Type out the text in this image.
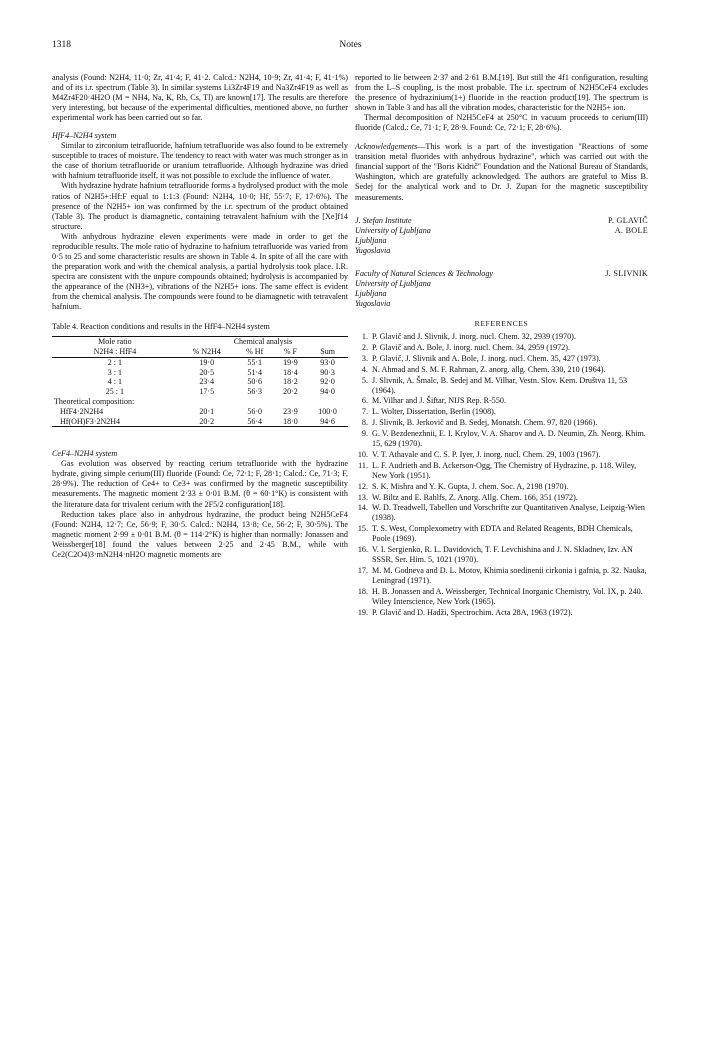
1318	Notes

analysis (Found: N2H4, 11·0; Zr, 41·4; F, 41·2. Calcd.: N2H4, 10·9; Zr, 41·4; F, 41·1%) and of its i.r. spectrum (Table 3). In similar systems Li3Zr4F19 and Na3Zr4F19 as well as M4Zr4F20·4H2O (M = NH4, Na, K, Rb, Cs, Tl) are known[17]. The results are therefore very interesting, but because of the experimental difficulties, mentioned above, no further experimental work has been carried out so far.

HfF4–N2H4 system

Similar to zirconium tetrafluoride, hafnium tetrafluoride was also found to be extremely susceptible to traces of moisture. The tendency to react with water was much stronger as in the case of thorium tetrafluoride or uranium tetrafluoride. Although hydrazine was dried with hafnium tetrafluoride itself, it was not possible to exclude the influence of water.

With hydrazine hydrate hafnium tetrafluoride forms a hydrolysed product with the mole ratios of N2H5+:Hf:F equal to 1:1:3 (Found: N2H4, 10·0; Hf, 55·7; F, 17·6%). The presence of the N2H5+ ion was confirmed by the i.r. spectrum of the product obtained (Table 3). The product is diamagnetic, containing tetravalent hafnium with the [Xe]f14 structure.

With anhydrous hydrazine eleven experiments were made in order to get the reproducible results. The mole ratio of hydrazine to hafnium tetrafluoride was varied from 0·5 to 25 and some characteristic results are shown in Table 4. In spite of all the care with the preparation work and with the chemical analysis, a partial hydrolysis took place. I.R. spectra are consistent with the unpure compounds obtained; hydrolysis is accompanied by the appearance of the (NH3+), vibrations of the N2H5+ ions. The same effect is evident from the chemical analysis. The compounds were found to be diamagnetic with tetravalent hafnium.

Table 4. Reaction conditions and results in the HfF4–N2H4 system

Mole ratio	Chemical analysis			
N2H4 : HfF4	% N2H4	% Hf	% F	Sum
2 : 1	19·0	55·1	19·9	93·0
3 : 1	20·5	51·4	18·4	90·3
4 : 1	23·4	50·6	18·2	92·0
25 : 1	17·5	56·3	20·2	94·0
Theoretical composition:				
HfF4·2N2H4	20·1	56·0	23·9	100·0
Hf(OH)F3·2N2H4	20·2	56·4	18·0	94·6

CeF4–N2H4 system

Gas evolution was observed by reacting cerium tetrafluoride with the hydrazine hydrate, giving simple cerium(III) fluoride (Found: Ce, 72·1; F, 28·1; Calcd.: Ce, 71·3; F, 28·9%). The reduction of Ce4+ to Ce3+ was confirmed by the magnetic susceptibility measurements. The magnetic moment 2·33 ± 0·01 B.M. (θ = 60·1°K) is consistent with the literature data for trivalent cerium with the 2F5/2 configuration[18].

Reduction takes place also in anhydrous hydrazine, the product being N2H5CeF4 (Found: N2H4, 12·7; Ce, 56·9; F, 30·5. Calcd.: N2H4, 13·8; Ce, 56·2; F, 30·5%). The magnetic moment 2·99 ± 0·01 B.M. (θ = 114·2°K) is higher than normally: Jonassen and Weissberger[18] found the values between 2·25 and 2·45 B.M., while with Ce2(C2O4)3·mN2H4·nH2O magnetic moments are

reported to lie between 2·37 and 2·61 B.M.[19]. But still the 4f1 configuration, resulting from the L–S coupling, is the most probable. The i.r. spectrum of N2H5CeF4 excludes the presence of hydrazinium(1+) fluoride in the reaction product[19]. The spectrum is shown in Table 3 and has all the vibration modes, characteristic for the N2H5+ ion.

Thermal decomposition of N2H5CeF4 at 250°C in vacuum proceeds to cerium(III) fluoride (Calcd.: Ce, 71·1; F, 28·9. Found: Ce, 72·1; F, 28·6%).

Acknowledgements—This work is a part of the investigation "Reactions of some transition metal fluorides with anhydrous hydrazine", which was carried out with the financial support of the "Boris Kidrič" Foundation and the National Bureau of Standards, Washington, which are gratefully acknowledged. The authors are grateful to Miss B. Sedej for the analytical work and to Dr. J. Zupan for the magnetic susceptibility measurements.

J. Stefan Institute
University of Ljubljana
Ljubljana
Yugoslavia
P. GLAVIČ
A. BOLE
Faculty of Natural Sciences & Technology
University of Ljubljana
Ljubljana
Yugoslavia
J. SLIVNIK
REFERENCES
1. P. Glavič and J. Slivnik, J. inorg. nucl. Chem. 32, 2939 (1970).
2. P. Glavič and A. Bole, J. inorg. nucl. Chem. 34, 2959 (1972).
3. P. Glavič, J. Slivnik and A. Bole, J. inorg. nucl. Chem. 35, 427 (1973).
4. N. Ahmad and S. M. F. Rahman, Z. anorg. allg. Chem. 330, 210 (1964).
5. J. Slivnik, A. Šmalc, B. Sedej and M. Vilhar, Vestn. Slov. Kem. Društva 11, 53 (1964).
6. M. Vilhar and J. Šiftar, NIJS Rep. R-550.
7. L. Wolter, Dissertation, Berlin (1908).
8. J. Slivnik, B. Jerkovič and B. Sedej, Monatsh. Chem. 97, 820 (1966).
9. G. V. Bezdenezhnii, E. I. Krylov, V. A. Sharov and A. D. Neumin, Zh. Neorg. Khim. 15, 629 (1970).
10. V. T. Athavale and C. S. P. Iyer, J. inorg. nucl. Chem. 29, 1003 (1967).
11. L. F. Audrieth and B. Ackerson-Ogg, The Chemistry of Hydrazine, p. 118. Wiley, New York (1951).
12. S. K. Mishra and Y. K. Gupta, J. chem. Soc. A, 2198 (1970).
13. W. Biltz and E. Rahlfs, Z. Anorg. Allg. Chem. 166, 351 (1972).
14. W. D. Treadwell, Tabellen und Vorschrifte zur Quantitativen Analyse, Leipzig-Wien (1938).
15. T. S. West, Complexometry with EDTA and Related Reagents, BDH Chemicals, Poole (1969).
16. V. I. Sergienko, R. L. Davidovich, T. F. Levchishina and J. N. Skladnev, Izv. AN SSSR, Ser. Him. 5, 1021 (1970).
17. M. M. Godneva and D. L. Motov, Khimia soedinenii cirkonia i gafnia, p. 32. Nauka, Leningrad (1971).
18. H. B. Jonassen and A. Weissberger, Technical Inorganic Chemistry, Vol. IX, p. 240. Wiley Interscience, New York (1965).
19. P. Glavič and D. Hadži, Spectrochim. Acta 28A, 1963 (1972).
